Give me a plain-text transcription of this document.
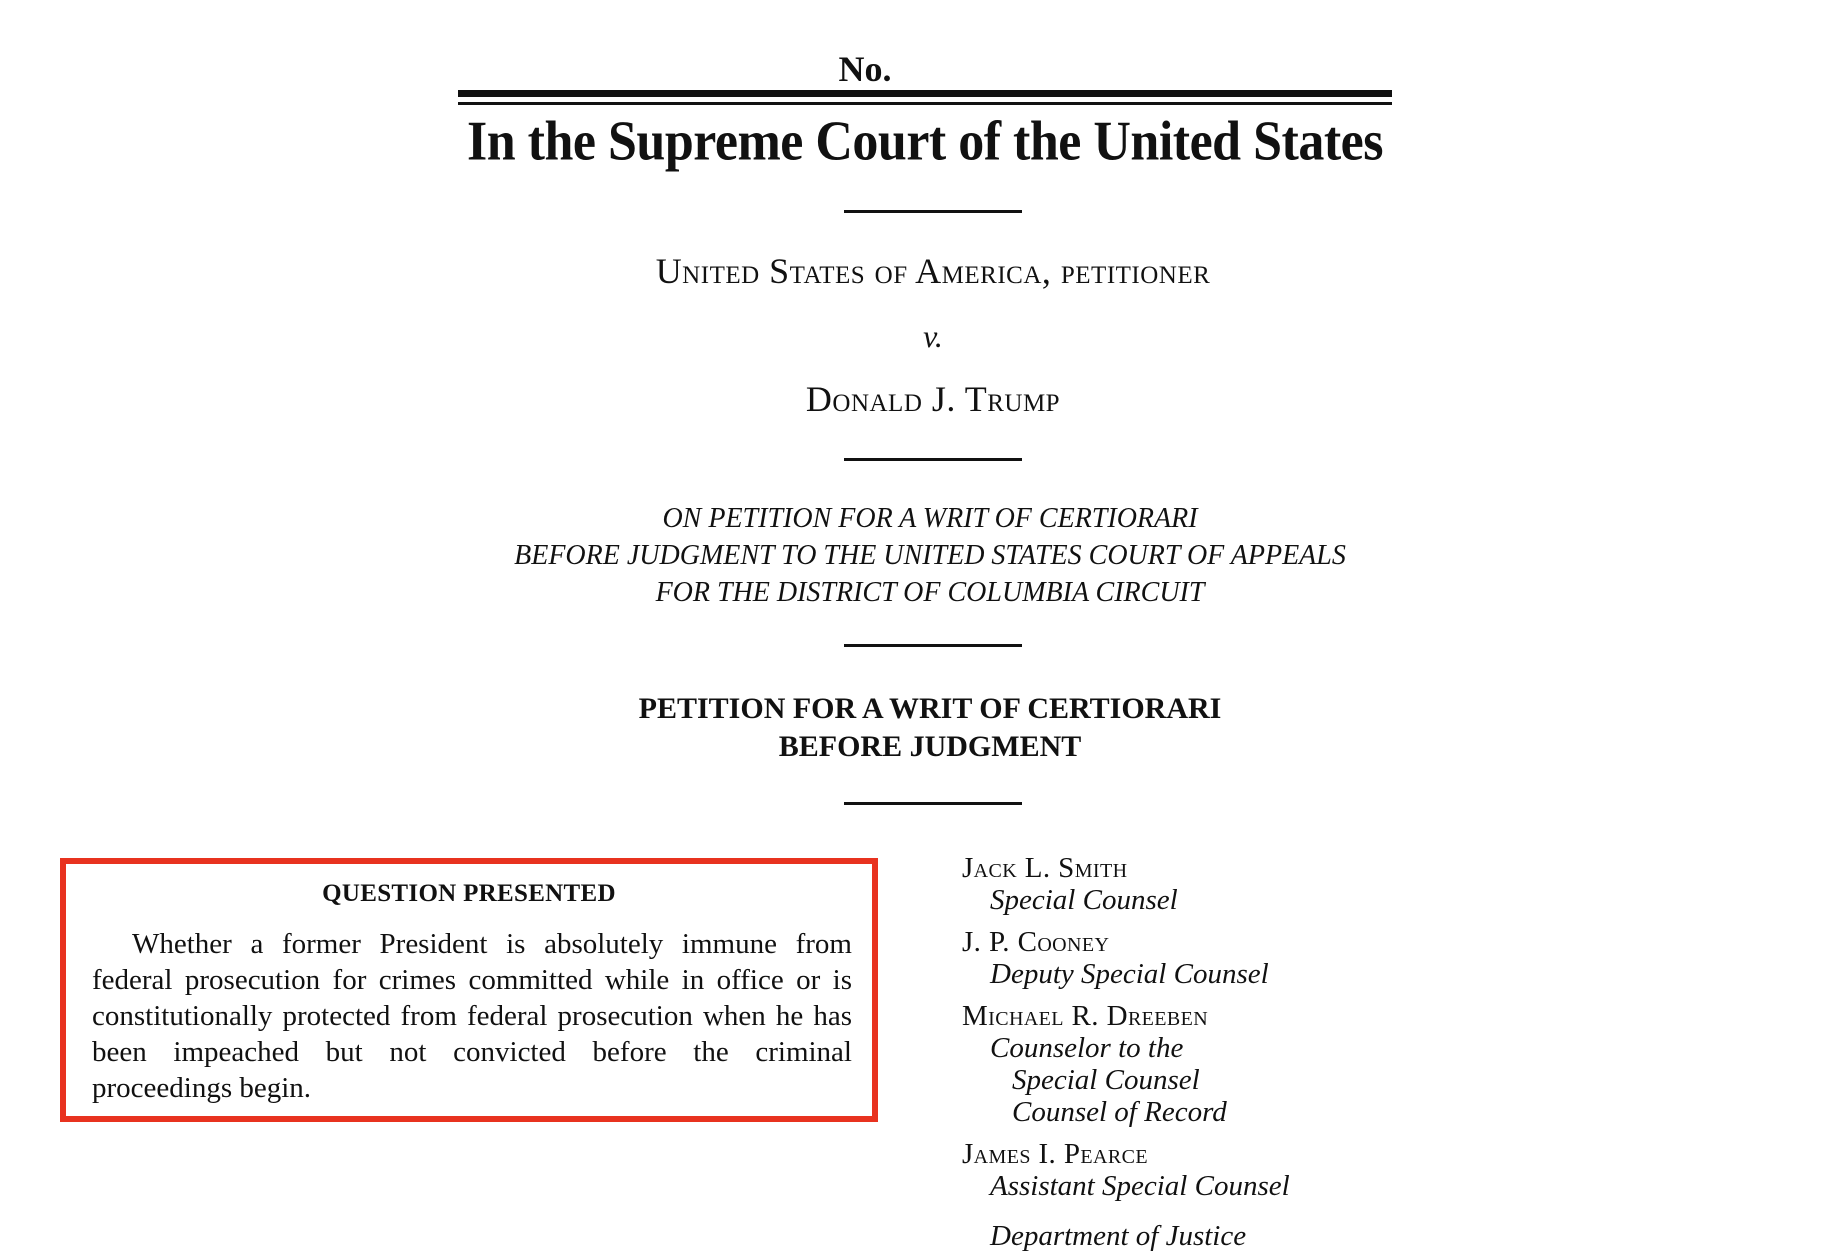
No.
In the Supreme Court of the United States
United States of America, petitioner
v.
Donald J. Trump
ON PETITION FOR A WRIT OF CERTIORARI
BEFORE JUDGMENT TO THE UNITED STATES COURT OF APPEALS
FOR THE DISTRICT OF COLUMBIA CIRCUIT
PETITION FOR A WRIT OF CERTIORARI
BEFORE JUDGMENT
QUESTION PRESENTED
Whether a former President is absolutely immune from federal prosecution for crimes committed while in office or is constitutionally protected from federal prosecution when he has been impeached but not convicted before the criminal proceedings begin.
Jack L. Smith
Special Counsel
J. P. Cooney
Deputy Special Counsel
Michael R. Dreeben
Counselor to the
Special Counsel
Counsel of Record
James I. Pearce
Assistant Special Counsel
Department of Justice
